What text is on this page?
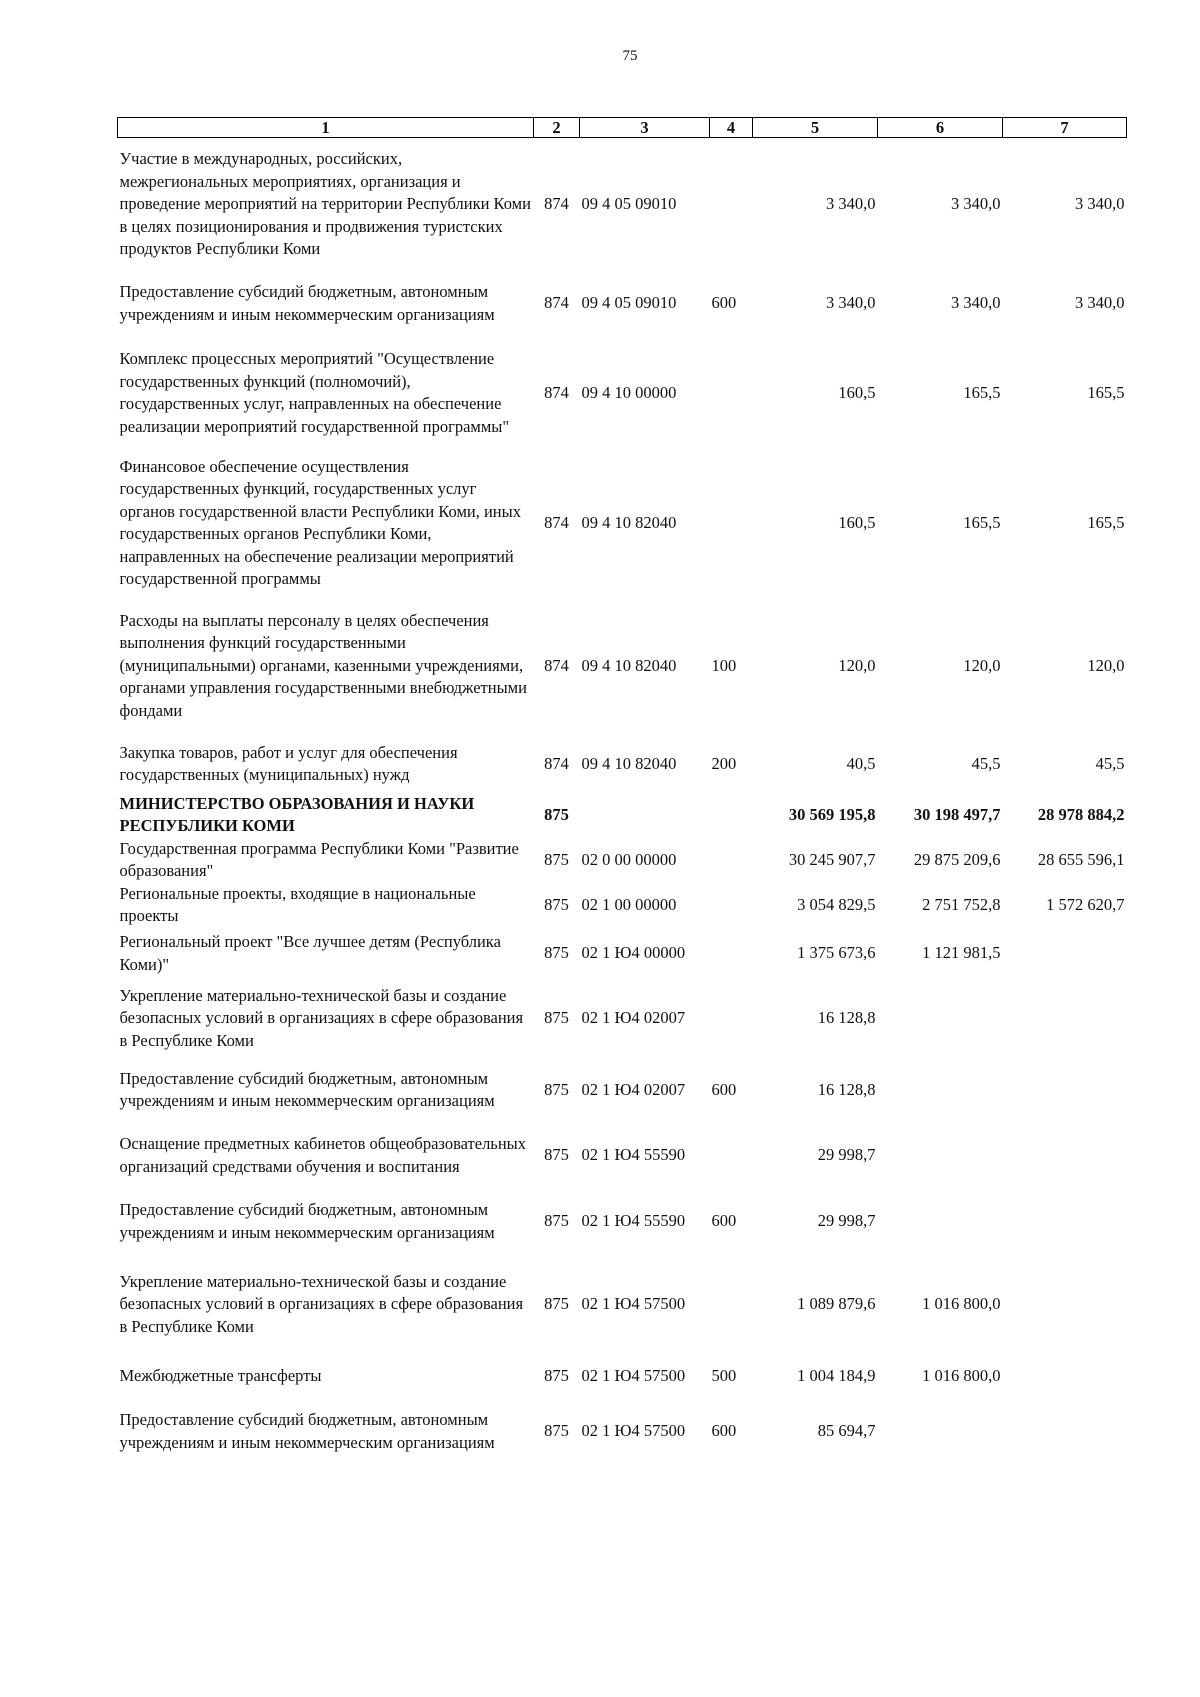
75
1	2	3	4	5	6	7
Участие в международных, российских, межрегиональных мероприятиях, организация и проведение мероприятий на территории Республики Коми в целях позиционирования и продвижения туристских продуктов Республики Коми	874	09 4 05 09010		3 340,0	3 340,0	3 340,0
Предоставление субсидий бюджетным, автономным учреждениям и иным некоммерческим организациям	874	09 4 05 09010	600	3 340,0	3 340,0	3 340,0
Комплекс процессных мероприятий "Осуществление государственных функций (полномочий), государственных услуг, направленных на обеспечение реализации мероприятий государственной программы"	874	09 4 10 00000		160,5	165,5	165,5
Финансовое обеспечение осуществления государственных функций, государственных услуг органов государственной власти Республики Коми, иных государственных органов Республики Коми, направленных на обеспечение реализации мероприятий государственной программы	874	09 4 10 82040		160,5	165,5	165,5
Расходы на выплаты персоналу в целях обеспечения выполнения функций государственными (муниципальными) органами, казенными учреждениями, органами управления государственными внебюджетными фондами	874	09 4 10 82040	100	120,0	120,0	120,0
Закупка товаров, работ и услуг для обеспечения государственных (муниципальных) нужд	874	09 4 10 82040	200	40,5	45,5	45,5
МИНИСТЕРСТВО ОБРАЗОВАНИЯ И НАУКИ РЕСПУБЛИКИ КОМИ	875			30 569 195,8	30 198 497,7	28 978 884,2
Государственная программа Республики Коми "Развитие образования"	875	02 0 00 00000		30 245 907,7	29 875 209,6	28 655 596,1
Региональные проекты, входящие в национальные проекты	875	02 1 00 00000		3 054 829,5	2 751 752,8	1 572 620,7
Региональный проект "Все лучшее детям (Республика Коми)"	875	02 1 Ю4 00000		1 375 673,6	1 121 981,5	
Укрепление материально-технической базы и создание безопасных условий в организациях в сфере образования в Республике Коми	875	02 1 Ю4 02007		16 128,8		
Предоставление субсидий бюджетным, автономным учреждениям и иным некоммерческим организациям	875	02 1 Ю4 02007	600	16 128,8		
Оснащение предметных кабинетов общеобразовательных организаций средствами обучения и воспитания	875	02 1 Ю4 55590		29 998,7		
Предоставление субсидий бюджетным, автономным учреждениям и иным некоммерческим организациям	875	02 1 Ю4 55590	600	29 998,7		
Укрепление материально-технической базы и создание безопасных условий в организациях в сфере образования в Республике Коми	875	02 1 Ю4 57500		1 089 879,6	1 016 800,0	
Межбюджетные трансферты	875	02 1 Ю4 57500	500	1 004 184,9	1 016 800,0	
Предоставление субсидий бюджетным, автономным учреждениям и иным некоммерческим организациям	875	02 1 Ю4 57500	600	85 694,7		
